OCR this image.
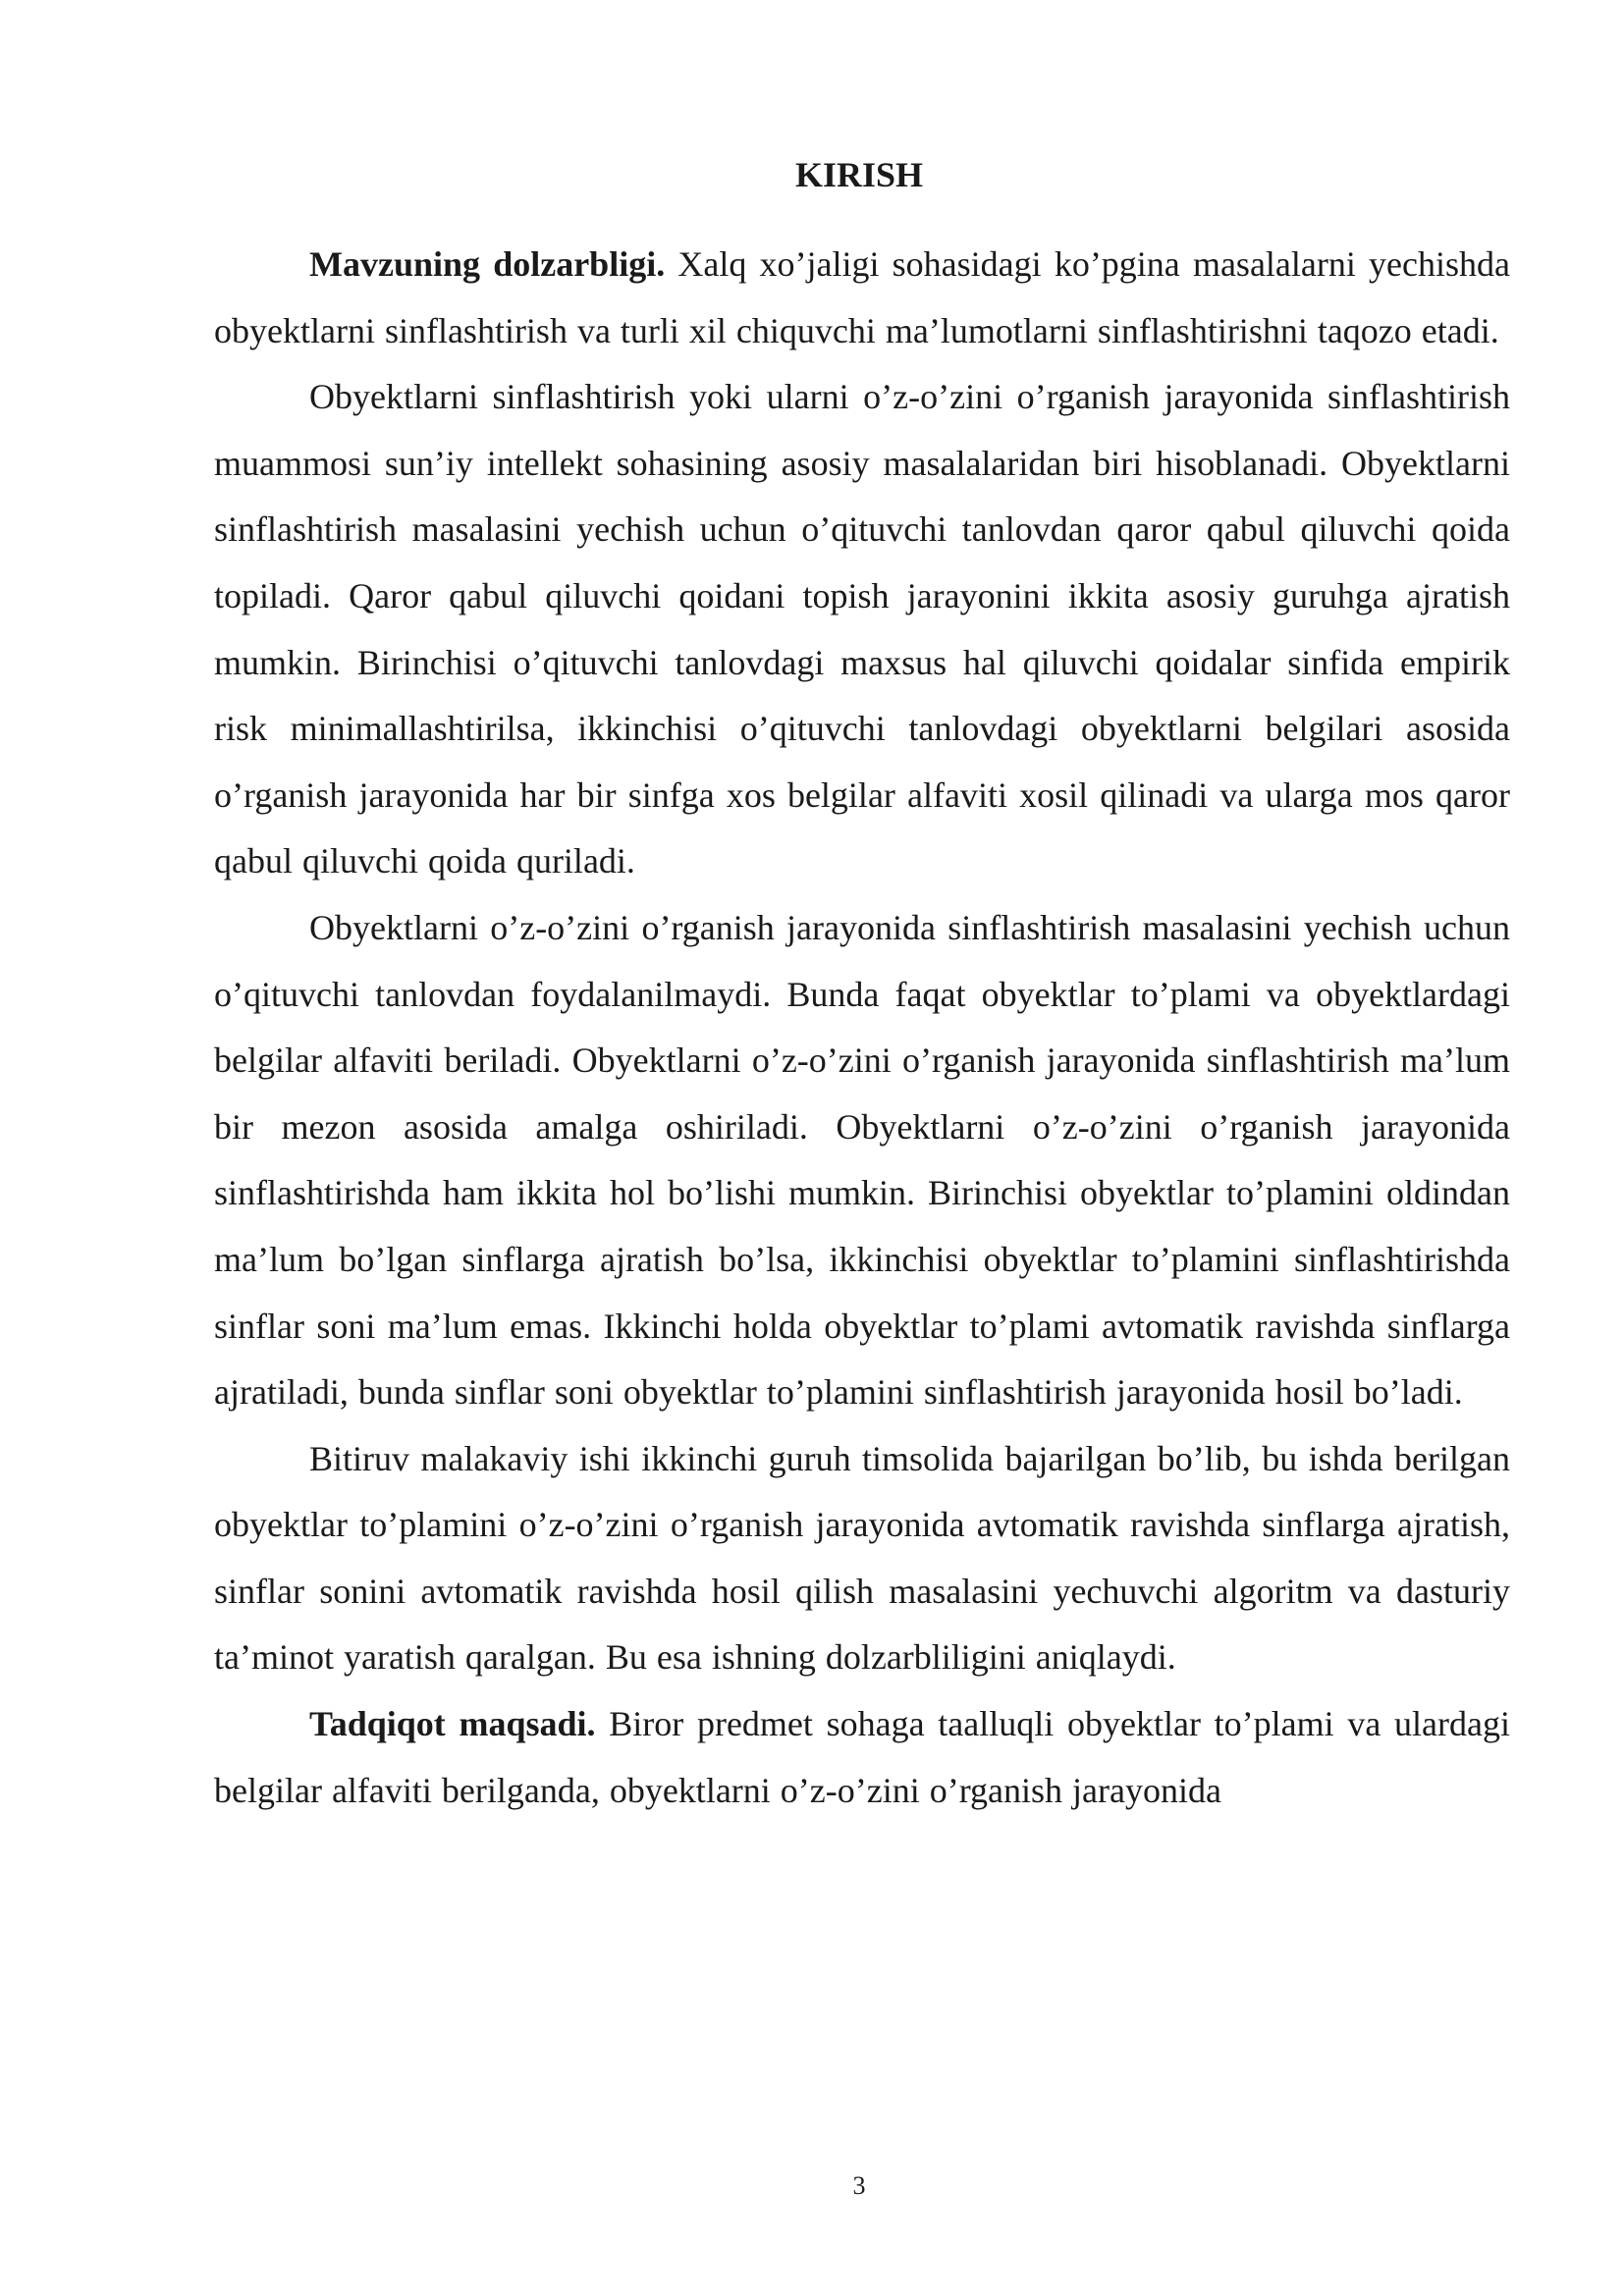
KIRISH

Mavzuning dolzarbligi. Xalq xo’jaligi sohasidagi ko’pgina masalalarni yechishda obyektlarni sinflashtirish va turli xil chiquvchi ma’lumotlarni sinflashtirishni taqozo etadi.

Obyektlarni sinflashtirish yoki ularni o’z-o’zini o’rganish jarayonida sinflashtirish muammosi sun’iy intellekt sohasining asosiy masalalaridan biri hisoblanadi. Obyektlarni sinflashtirish masalasini yechish uchun o’qituvchi tanlovdan qaror qabul qiluvchi qoida topiladi. Qaror qabul qiluvchi qoidani topish jarayonini ikkita asosiy guruhga ajratish mumkin. Birinchisi o’qituvchi tanlovdagi maxsus hal qiluvchi qoidalar sinfida empirik risk minimallashtirilsa, ikkinchisi o’qituvchi tanlovdagi obyektlarni belgilari asosida o’rganish jarayonida har bir sinfga xos belgilar alfaviti xosil qilinadi va ularga mos qaror qabul qiluvchi qoida quriladi.

Obyektlarni o’z-o’zini o’rganish jarayonida sinflashtirish masalasini yechish uchun o’qituvchi tanlovdan foydalanilmaydi. Bunda faqat obyektlar to’plami va obyektlardagi belgilar alfaviti beriladi. Obyektlarni o’z-o’zini o’rganish jarayonida sinflashtirish ma’lum bir mezon asosida amalga oshiriladi. Obyektlarni o’z-o’zini o’rganish jarayonida sinflashtirishda ham ikkita hol bo’lishi mumkin. Birinchisi obyektlar to’plamini oldindan ma’lum bo’lgan sinflarga ajratish bo’lsa, ikkinchisi obyektlar to’plamini sinflashtirishda sinflar soni ma’lum emas. Ikkinchi holda obyektlar to’plami avtomatik ravishda sinflarga ajratiladi, bunda sinflar soni obyektlar to’plamini sinflashtirish jarayonida hosil bo’ladi.

Bitiruv malakaviy ishi ikkinchi guruh timsolida bajarilgan bo’lib, bu ishda berilgan obyektlar to’plamini o’z-o’zini o’rganish jarayonida avtomatik ravishda sinflarga ajratish, sinflar sonini avtomatik ravishda hosil qilish masalasini yechuvchi algoritm va dasturiy ta’minot yaratish qaralgan. Bu esa ishning dolzarbliligini aniqlaydi.

Tadqiqot maqsadi. Biror predmet sohaga taalluqli obyektlar to’plami va ulardagi belgilar alfaviti berilganda, obyektlarni o’z-o’zini o’rganish jarayonida

3
